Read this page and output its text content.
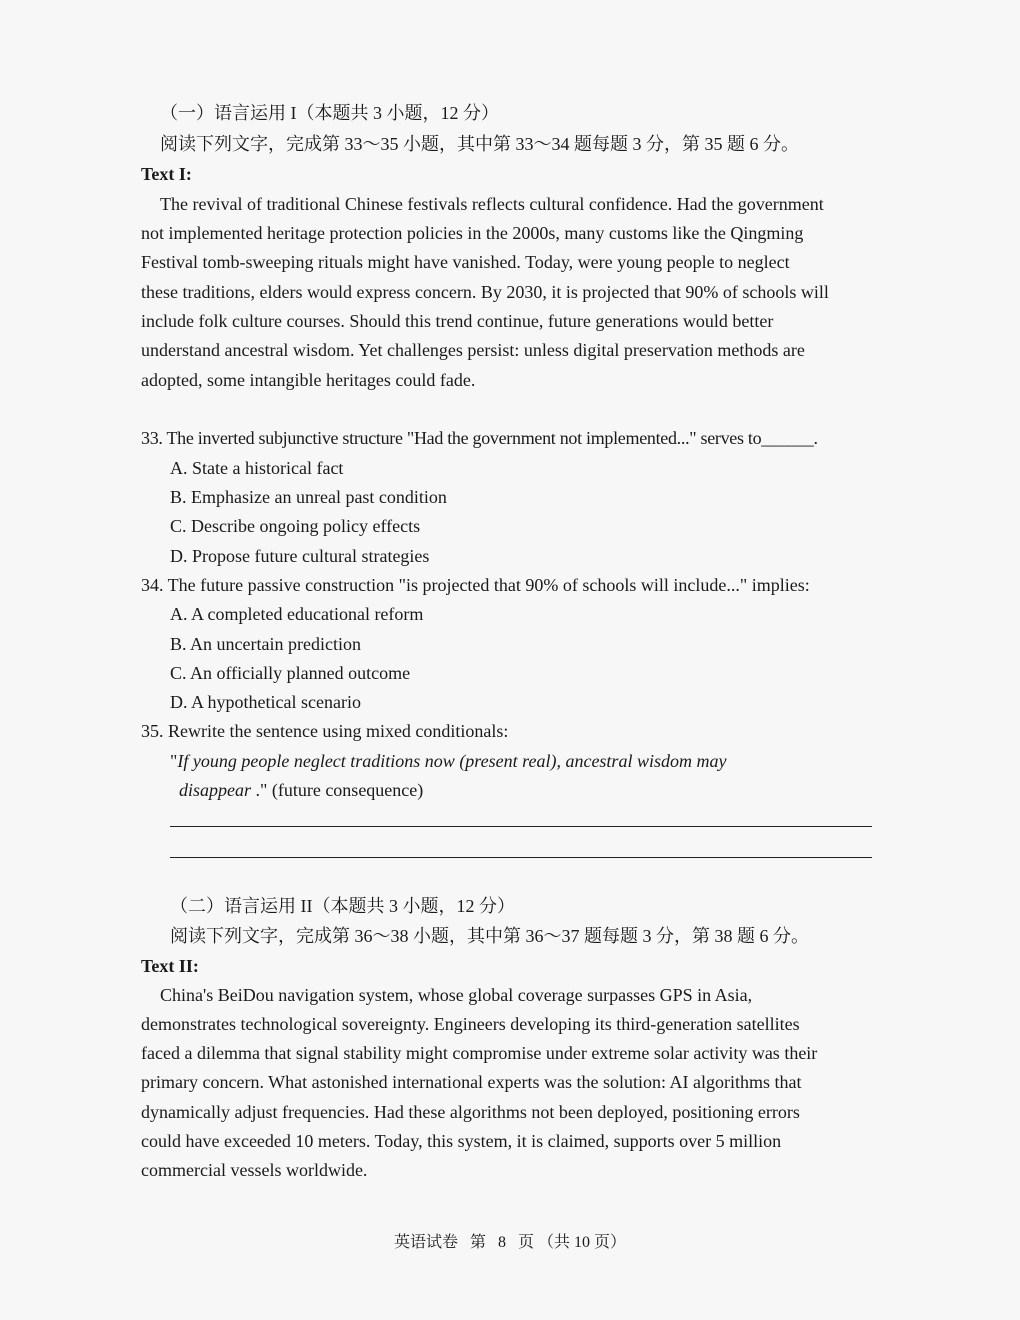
（一）语言运用 I（本题共 3 小题，12 分）
阅读下列文字，完成第 33～35 小题，其中第 33～34 题每题 3 分，第 35 题 6 分。
Text I:
The revival of traditional Chinese festivals reflects cultural confidence. Had the government
not implemented heritage protection policies in the 2000s, many customs like the Qingming
Festival tomb-sweeping rituals might have vanished. Today, were young people to neglect
these traditions, elders would express concern. By 2030, it is projected that 90% of schools will
include folk culture courses. Should this trend continue, future generations would better
understand ancestral wisdom. Yet challenges persist: unless digital preservation methods are
adopted, some intangible heritages could fade.
33. The inverted subjunctive structure "Had the government not implemented..." serves to______.
A. State a historical fact
B. Emphasize an unreal past condition
C. Describe ongoing policy effects
D. Propose future cultural strategies
34. The future passive construction "is projected that 90% of schools will include..." implies:
A. A completed educational reform
B. An uncertain prediction
C. An officially planned outcome
D. A hypothetical scenario
35. Rewrite the sentence using mixed conditionals:
"If young people neglect traditions now (present real), ancestral wisdom may
disappear ." (future consequence)
（二）语言运用 II（本题共 3 小题，12 分）
阅读下列文字，完成第 36～38 小题，其中第 36～37 题每题 3 分，第 38 题 6 分。
Text II:
China's BeiDou navigation system, whose global coverage surpasses GPS in Asia,
demonstrates technological sovereignty. Engineers developing its third-generation satellites
faced a dilemma that signal stability might compromise under extreme solar activity was their
primary concern. What astonished international experts was the solution: AI algorithms that
dynamically adjust frequencies. Had these algorithms not been deployed, positioning errors
could have exceeded 10 meters. Today, this system, it is claimed, supports over 5 million
commercial vessels worldwide.
英语试卷 第 8 页 （共 10 页）
